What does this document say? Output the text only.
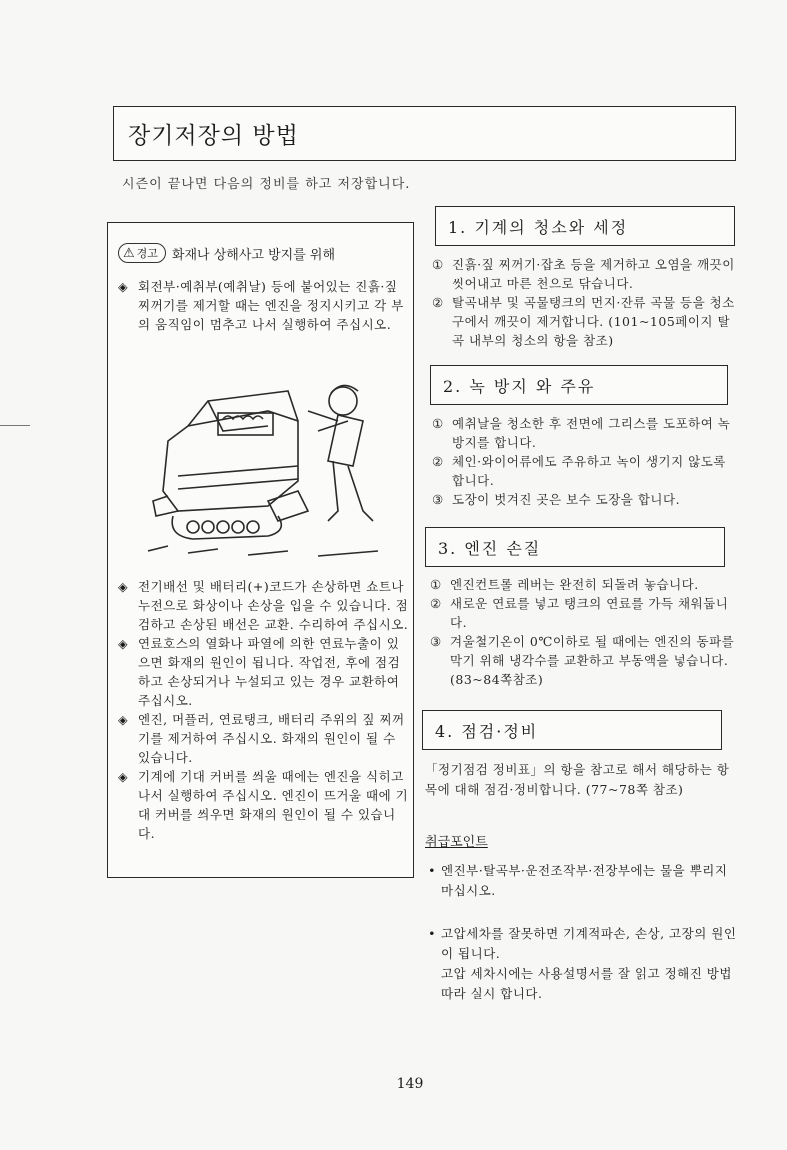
장기저장의 방법
시즌이 끝나면 다음의 정비를 하고 저장합니다.
⚠ 경고 화재나 상해사고 방지를 위해
◈ 회전부·예취부(예취날) 등에 붙어있는 진흙·짚 찌꺼기를 제거할 때는 엔진을 정지시키고 각 부의 움직임이 멈추고 나서 실행하여 주십시오.
◈ 전기배선 및 배터리(+)코드가 손상하면 쇼트나 누전으로 화상이나 손상을 입을 수 있습니다. 점검하고 손상된 배선은 교환. 수리하여 주십시오.
◈ 연료호스의 열화나 파열에 의한 연료누출이 있으면 화재의 원인이 됩니다. 작업전, 후에 점검하고 손상되거나 누설되고 있는 경우 교환하여 주십시오.
◈ 엔진, 머플러, 연료탱크, 배터리 주위의 짚 찌꺼기를 제거하여 주십시오. 화재의 원인이 될 수 있습니다.
◈ 기계에 기대 커버를 씌울 때에는 엔진을 식히고 나서 실행하여 주십시오. 엔진이 뜨거울 때에 기대 커버를 씌우면 화재의 원인이 될 수 있습니다.
1. 기계의 청소와 세정
① 진흙·짚 찌꺼기·잡초 등을 제거하고 오염을 깨끗이 씻어내고 마른 천으로 닦습니다.
② 탈곡내부 및 곡물탱크의 먼지·잔류 곡물 등을 청소구에서 깨끗이 제거합니다. (101~105페이지 탈곡 내부의 청소의 항을 참조)
2. 녹 방지 와 주유
① 예취날을 청소한 후 전면에 그리스를 도포하여 녹 방지를 합니다.
② 체인·와이어류에도 주유하고 녹이 생기지 않도록 합니다.
③ 도장이 벗겨진 곳은 보수 도장을 합니다.
3. 엔진 손질
① 엔진컨트롤 레버는 완전히 되돌려 놓습니다.
② 새로운 연료를 넣고 탱크의 연료를 가득 채워둡니다.
③ 겨울철기온이 0℃이하로 될 때에는 엔진의 동파를 막기 위해 냉각수를 교환하고 부동액을 넣습니다. (83~84쪽참조)
4. 점검·정비
「정기점검 정비표」의 항을 참고로 해서 해당하는 항목에 대해 점검·정비합니다. (77~78쪽 참조)
취급포인트
• 엔진부·탈곡부·운전조작부·전장부에는 물을 뿌리지 마십시오.
• 고압세차를 잘못하면 기계적파손, 손상, 고장의 원인이 됩니다.
고압 세차시에는 사용설명서를 잘 읽고 정해진 방법따라 실시 합니다.
149
